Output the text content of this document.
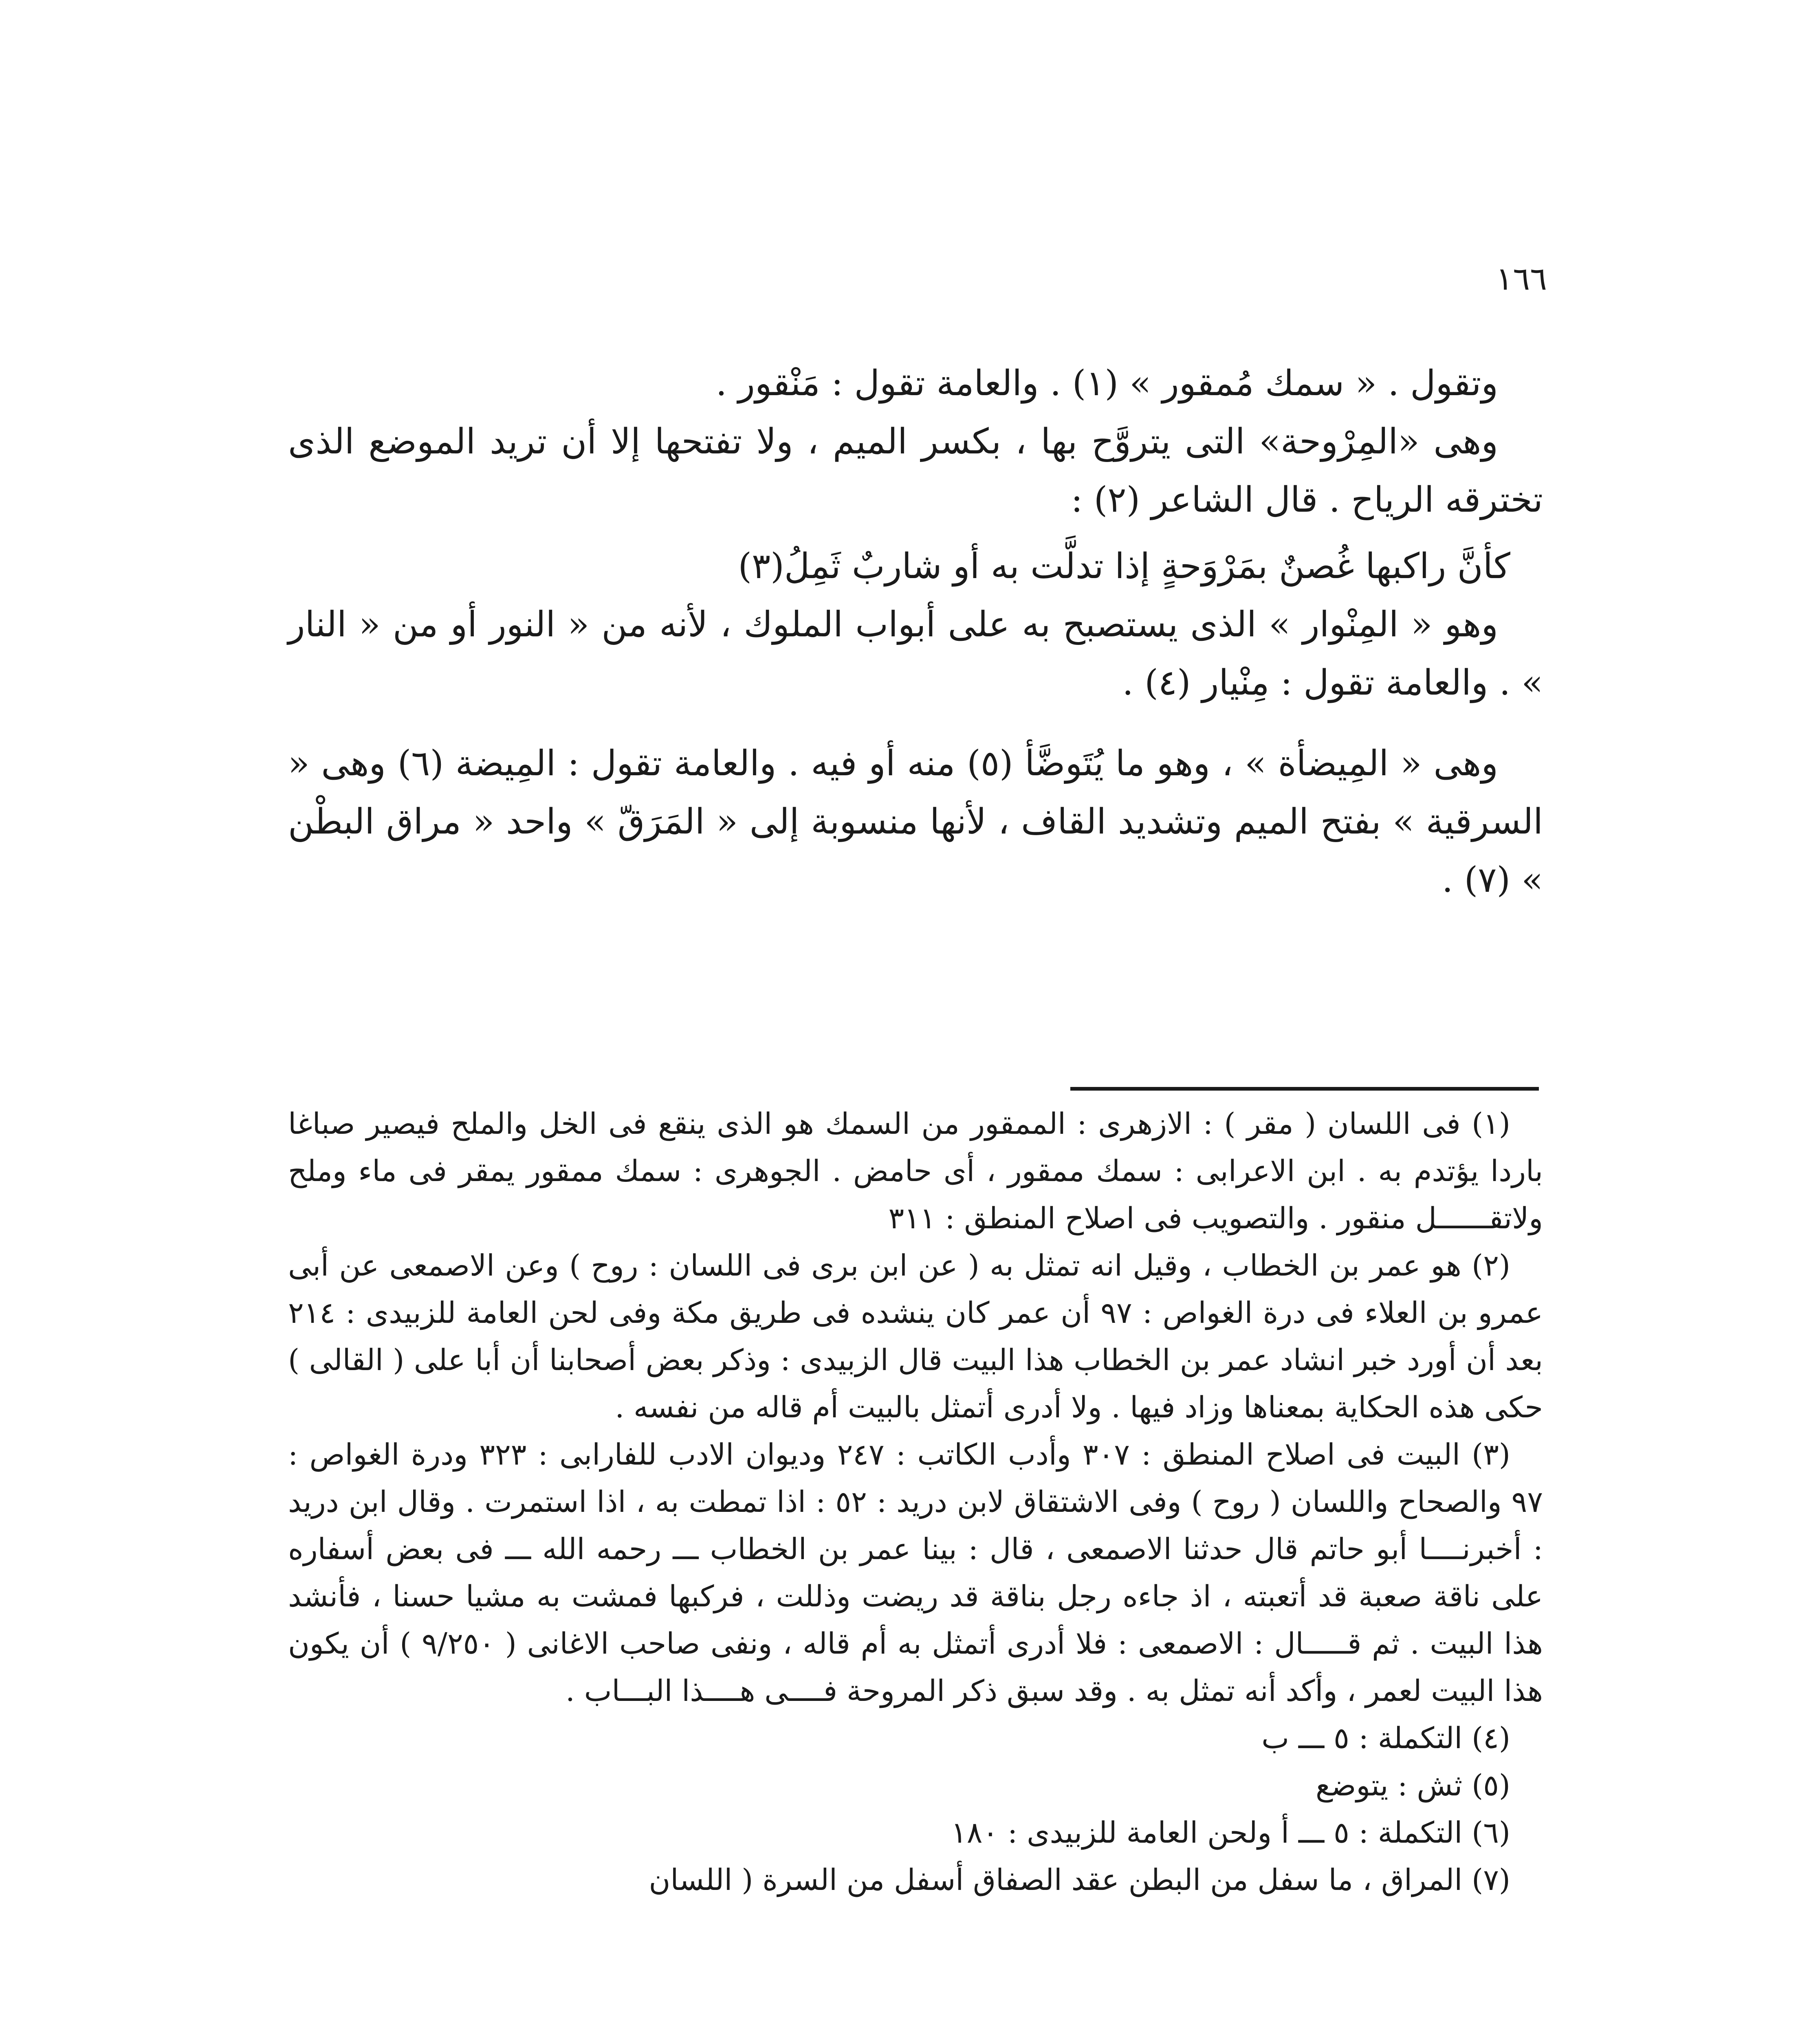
١٦٦

وتقول . « سمك مُمقور » (١) . والعامة تقول : مَنْقور .

وهى «المِرْوحة» التى يتروَّح بها ، بكسر الميم ، ولا تفتحها إلا أن تريد الموضع الذى تخترقه الرياح . قال الشاعر (٢) :

كأنَّ راكبها غُصنٌ بمَرْوَحةٍ إذا تدلَّت به أو شاربٌ ثَمِلُ(٣)

وهو « المِنْوار » الذى يستصبح به على أبواب الملوك ، لأنه من « النور أو من « النار » . والعامة تقول : مِنْيار (٤) .

وهى « المِيضأة » ، وهو ما يُتَوضَّأ (٥) منه أو فيه . والعامة تقول : المِيضة (٦) وهى « السرقية » بفتح الميم وتشديد القاف ، لأنها منسوبة إلى « المَرَقّ » واحد « مراق البطْن » (٧) .

(١) فى اللسان ( مقر ) : الازهرى : الممقور من السمك هو الذى ينقع فى الخل والملح فيصير صباغا باردا يؤتدم به . ابن الاعرابى : سمك ممقور ، أى حامض . الجوهرى : سمك ممقور يمقر فى ماء وملح ولاتقــــــل منقور . والتصويب فى اصلاح المنطق : ٣١١

(٢) هو عمر بن الخطاب ، وقيل انه تمثل به ( عن ابن برى فى اللسان : روح ) وعن الاصمعى عن أبى عمرو بن العلاء فى درة الغواص : ٩٧ أن عمر كان ينشده فى طريق مكة وفى لحن العامة للزبيدى : ٢١٤ بعد أن أورد خبر انشاد عمر بن الخطاب هذا البيت قال الزبيدى : وذكر بعض أصحابنا أن أبا على ( القالى ) حكى هذه الحكاية بمعناها وزاد فيها . ولا أدرى أتمثل بالبيت أم قاله من نفسه .

(٣) البيت فى اصلاح المنطق : ٣٠٧ وأدب الكاتب : ٢٤٧ وديوان الادب للفارابى : ٣٢٣ ودرة الغواص : ٩٧ والصحاح واللسان ( روح ) وفى الاشتقاق لابن دريد : ٥٢ : اذا تمطت به ، اذا استمرت . وقال ابن دريد : أخبرنــــا أبو حاتم قال حدثنا الاصمعى ، قال : بينا عمر بن الخطاب ـــ رحمه الله ـــ فى بعض أسفاره على ناقة صعبة قد أتعبته ، اذ جاءه رجل بناقة قد ريضت وذللت ، فركبها فمشت به مشيا حسنا ، فأنشد هذا البيت . ثم قـــــال : الاصمعى : فلا أدرى أتمثل به أم قاله ، ونفى صاحب الاغانى ( ٩/٢٥٠ ) أن يكون هذا البيت لعمر ، وأكد أنه تمثل به . وقد سبق ذكر المروحة فــــى هــــذا البـــاب .

(٤) التكملة : ٥ ـــ ب

(٥) ثش : يتوضع

(٦) التكملة : ٥ ـــ أ ولحن العامة للزبيدى : ١٨٠

(٧) المراق ، ما سفل من البطن عقد الصفاق أسفل من السرة ( اللسان
